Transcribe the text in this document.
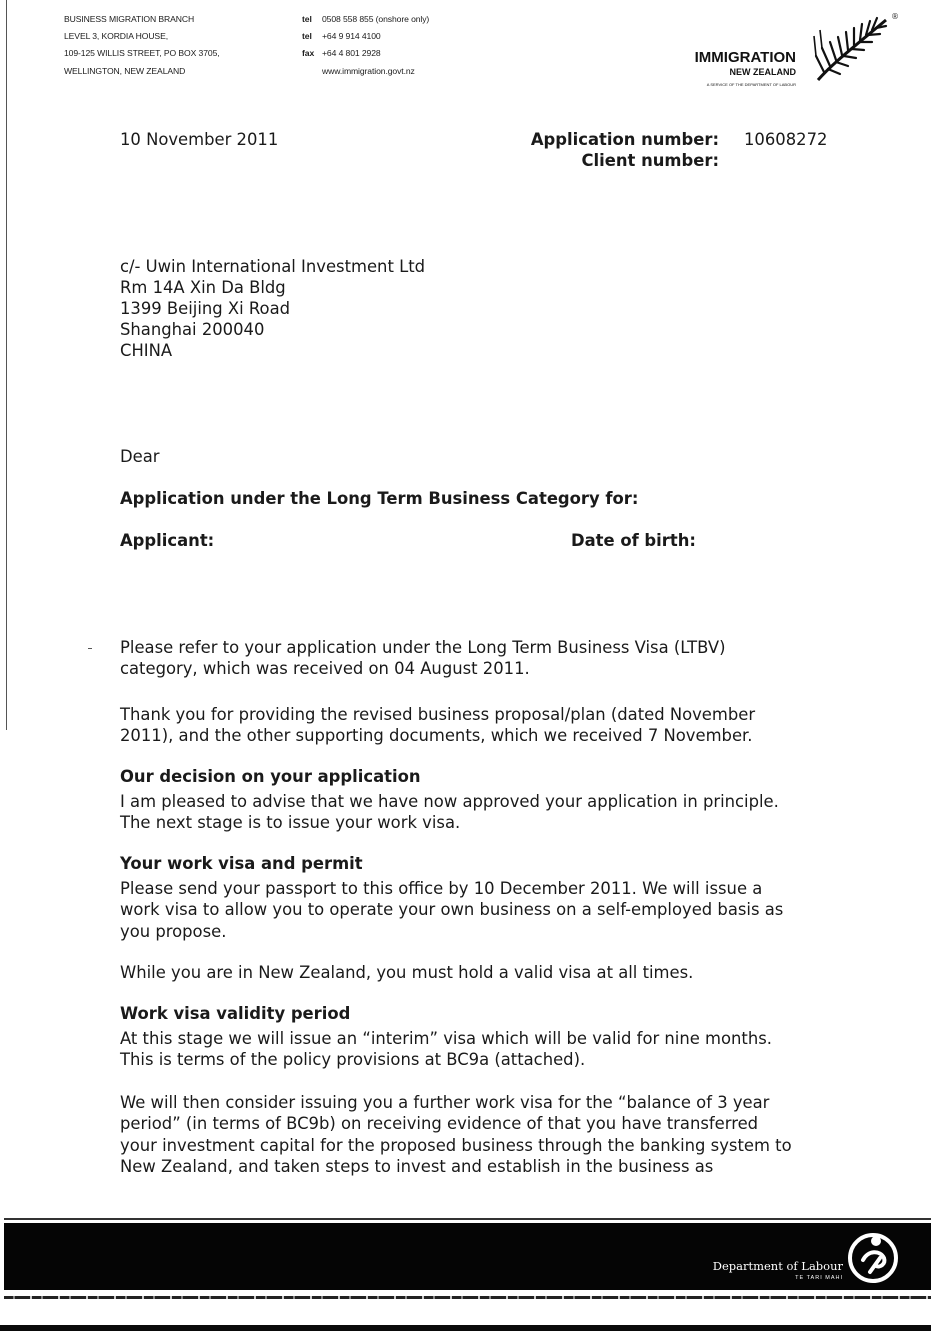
BUSINESS MIGRATION BRANCH
LEVEL 3, KORDIA HOUSE,
109-125 WILLIS STREET, PO BOX 3705,
WELLINGTON, NEW ZEALAND
tel 0508 558 855 (onshore only)
tel +64 9 914 4100
fax +64 4 801 2928
www.immigration.govt.nz
IMMIGRATION
NEW ZEALAND
A SERVICE OF THE DEPARTMENT OF LABOUR
®
10 November 2011	Application number: 10608272
Client number:
c/- Uwin International Investment Ltd
Rm 14A Xin Da Bldg
1399 Beijing Xi Road
Shanghai 200040
CHINA
Dear
Application under the Long Term Business Category for:
Applicant:	Date of birth:
Please refer to your application under the Long Term Business Visa (LTBV)
category, which was received on 04 August 2011.
Thank you for providing the revised business proposal/plan (dated November
2011), and the other supporting documents, which we received 7 November.
Our decision on your application
I am pleased to advise that we have now approved your application in principle.
The next stage is to issue your work visa.
Your work visa and permit
Please send your passport to this office by 10 December 2011. We will issue a
work visa to allow you to operate your own business on a self-employed basis as
you propose.
While you are in New Zealand, you must hold a valid visa at all times.
Work visa validity period
At this stage we will issue an “interim” visa which will be valid for nine months.
This is terms of the policy provisions at BC9a (attached).
We will then consider issuing you a further work visa for the “balance of 3 year
period” (in terms of BC9b) on receiving evidence of that you have transferred
your investment capital for the proposed business through the banking system to
New Zealand, and taken steps to invest and establish in the business as
Department of Labour
TE TARI MAHI
